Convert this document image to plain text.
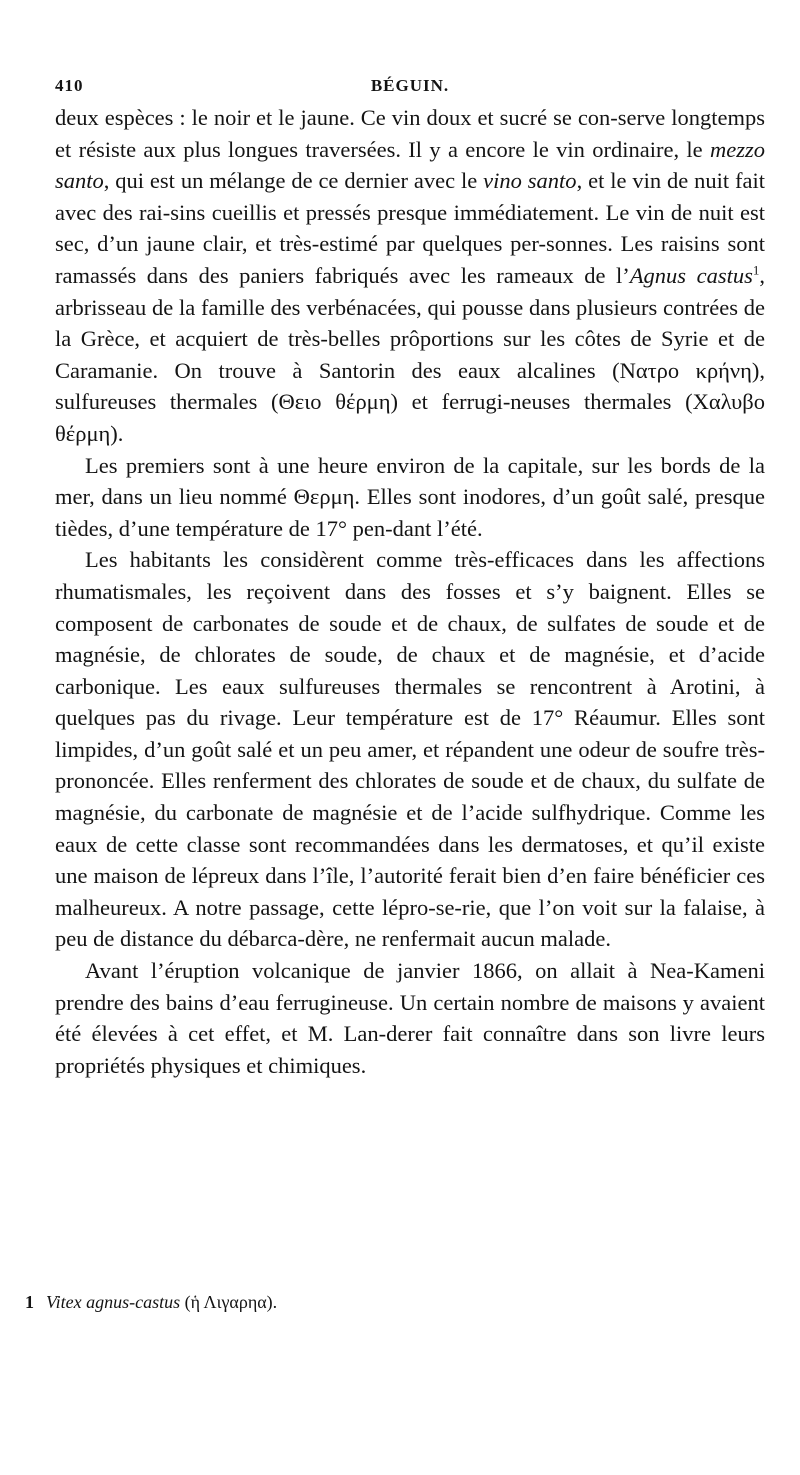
410	BÉGUIN.

deux espèces : le noir et le jaune. Ce vin doux et sucré se con-serve longtemps et résiste aux plus longues traversées. Il y a encore le vin ordinaire, le mezzo santo, qui est un mélange de ce dernier avec le vino santo, et le vin de nuit fait avec des rai-sins cueillis et pressés presque immédiatement. Le vin de nuit est sec, d’un jaune clair, et très-estimé par quelques per-sonnes. Les raisins sont ramassés dans des paniers fabriqués avec les rameaux de l’Agnus castus$^1$, arbrisseau de la famille des verbénacées, qui pousse dans plusieurs contrées de la Grèce, et acquiert de très-belles prôportions sur les côtes de Syrie et de Caramanie. On trouve à Santorin des eaux alcalines (Νατρο κρήνη), sulfureuses thermales (Θειο θέρμη) et ferrugi-neuses thermales (Χαλυβο θέρμη).

Les premiers sont à une heure environ de la capitale, sur les bords de la mer, dans un lieu nommé Θερμη. Elles sont inodores, d’un goût salé, presque tièdes, d’une température de 17° pen-dant l’été.

Les habitants les considèrent comme très-efficaces dans les affections rhumatismales, les reçoivent dans des fosses et s’y baignent. Elles se composent de carbonates de soude et de chaux, de sulfates de soude et de magnésie, de chlorates de soude, de chaux et de magnésie, et d’acide carbonique. Les eaux sulfureuses thermales se rencontrent à Arotini, à quelques pas du rivage. Leur température est de 17° Réaumur. Elles sont limpides, d’un goût salé et un peu amer, et répandent une odeur de soufre très-prononcée. Elles renferment des chlorates de soude et de chaux, du sulfate de magnésie, du carbonate de magnésie et de l’acide sulfhydrique. Comme les eaux de cette classe sont recommandées dans les dermatoses, et qu’il existe une maison de lépreux dans l’île, l’autorité ferait bien d’en faire bénéficier ces malheureux. A notre passage, cette lépro-se-rie, que l’on voit sur la falaise, à peu de distance du débarca-dère, ne renfermait aucun malade.

Avant l’éruption volcanique de janvier 1866, on allait à Nea-Kameni prendre des bains d’eau ferrugineuse. Un certain nombre de maisons y avaient été élevées à cet effet, et M. Lan-derer fait connaître dans son livre leurs propriétés physiques et chimiques.

1 Vitex agnus-castus (ἡ Λιγαρηα).
